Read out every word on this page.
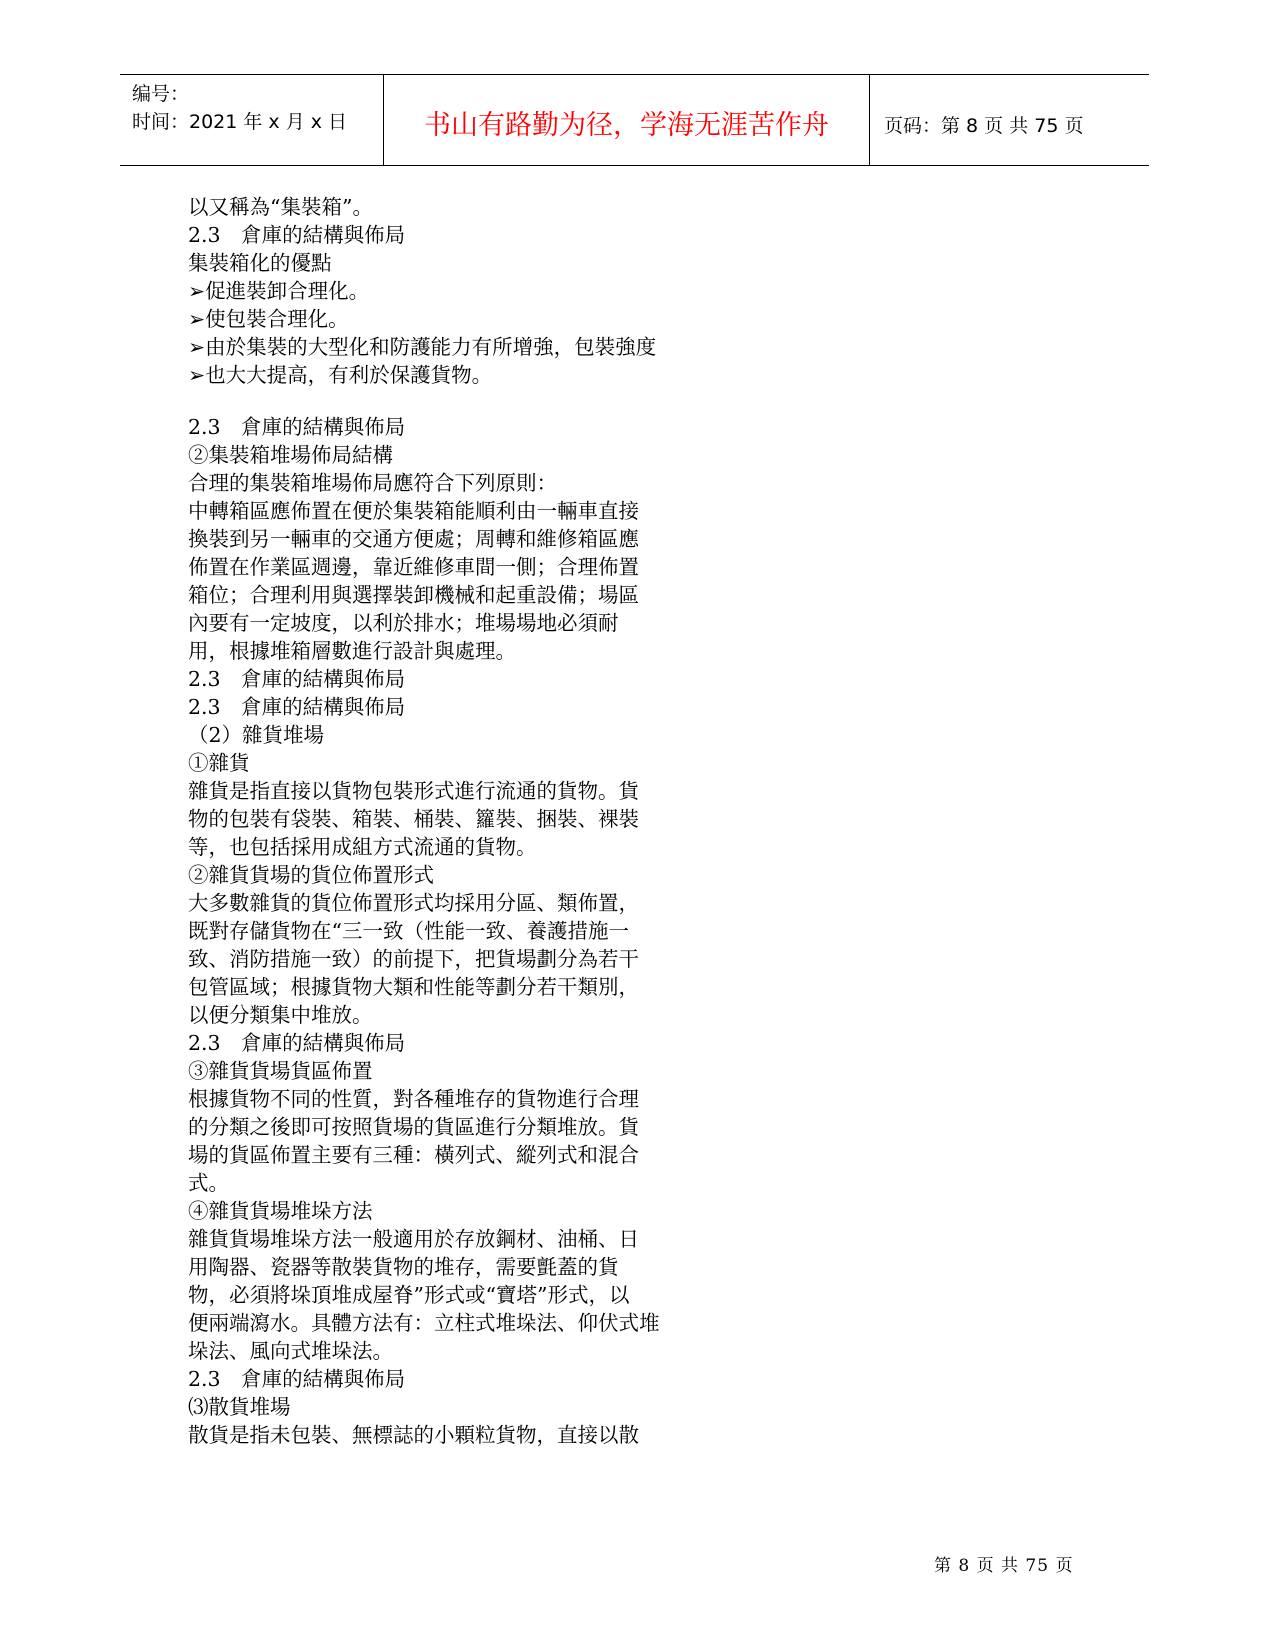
编号：
时间：2021 年 x 月 x 日	书山有路勤为径，学海无涯苦作舟	页码：第 8 页 共 75 页
以又稱為“集裝箱”。
2.3　倉庫的結構與佈局
集裝箱化的優點
➢促進裝卸合理化。
➢使包裝合理化。
➢由於集裝的大型化和防護能力有所增強，包裝強度
➢也大大提高，有利於保護貨物。
2.3　倉庫的結構與佈局
②集裝箱堆場佈局結構
合理的集裝箱堆場佈局應符合下列原則：
中轉箱區應佈置在便於集裝箱能順利由一輛車直接
換裝到另一輛車的交通方便處；周轉和維修箱區應
佈置在作業區週邊，靠近維修車間一側；合理佈置
箱位；合理利用與選擇裝卸機械和起重設備；場區
內要有一定坡度，以利於排水；堆場場地必須耐
用，根據堆箱層數進行設計與處理。
2.3　倉庫的結構與佈局
2.3　倉庫的結構與佈局
（2）雜貨堆場
①雜貨
雜貨是指直接以貨物包裝形式進行流通的貨物。貨
物的包裝有袋裝、箱裝、桶裝、籮裝、捆裝、裸裝
等，也包括採用成組方式流通的貨物。
②雜貨貨場的貨位佈置形式
大多數雜貨的貨位佈置形式均採用分區、類佈置，
既對存儲貨物在“三一致（性能一致、養護措施一
致、消防措施一致）的前提下，把貨場劃分為若干
包管區域；根據貨物大類和性能等劃分若干類別，
以便分類集中堆放。
2.3　倉庫的結構與佈局
③雜貨貨場貨區佈置
根據貨物不同的性質，對各種堆存的貨物進行合理
的分類之後即可按照貨場的貨區進行分類堆放。貨
場的貨區佈置主要有三種：橫列式、縱列式和混合
式。
④雜貨貨場堆垛方法
雜貨貨場堆垛方法一般適用於存放鋼材、油桶、日
用陶器、瓷器等散裝貨物的堆存，需要氈蓋的貨
物，必須將垛頂堆成屋脊”形式或“寶塔”形式，以
便兩端瀉水。具體方法有：立柱式堆垛法、仰伏式堆
垛法、風向式堆垛法。
2.3　倉庫的結構與佈局
⑶散貨堆場
散貨是指未包裝、無標誌的小顆粒貨物，直接以散
第 8 页 共 75 页
